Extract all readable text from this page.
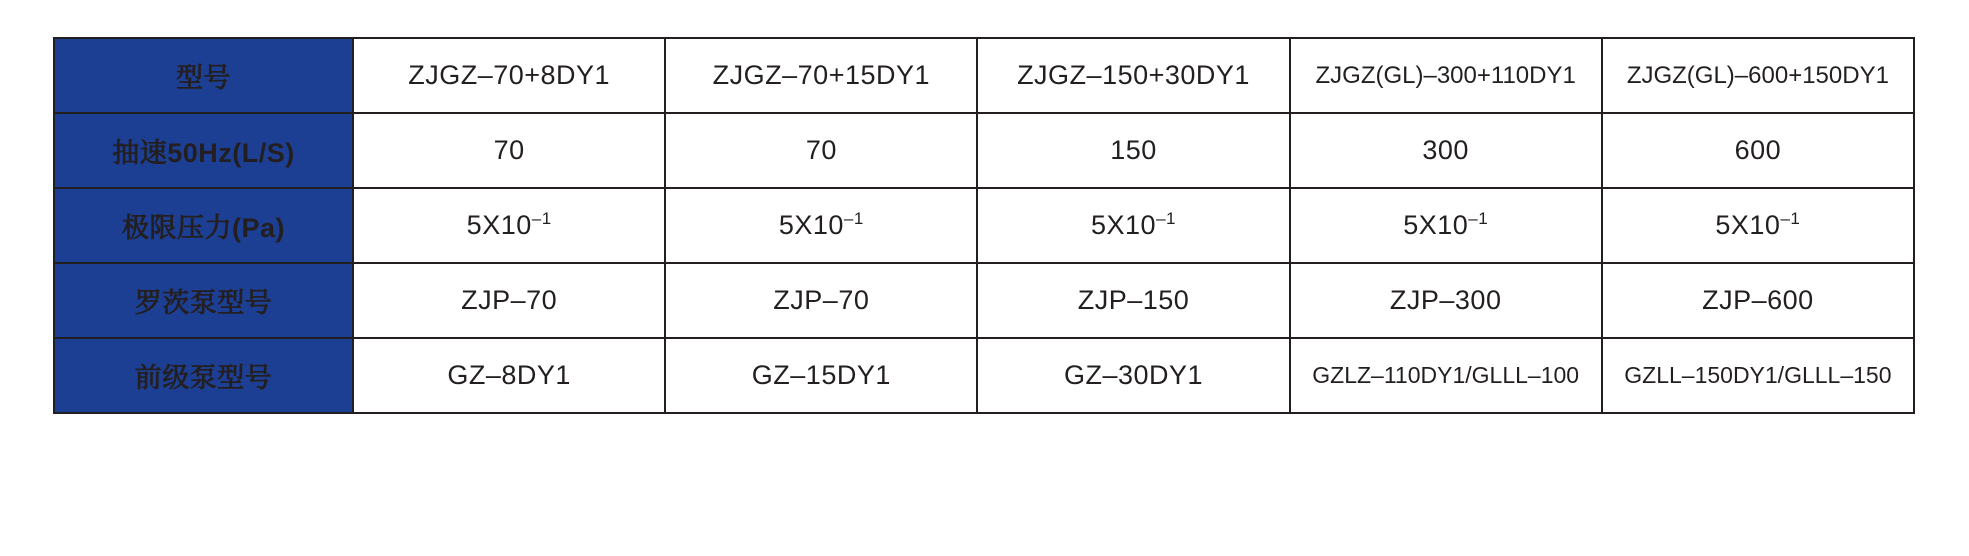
型号	ZJGZ–70+8DY1	ZJGZ–70+15DY1	ZJGZ–150+30DY1	ZJGZ(GL)–300+110DY1	ZJGZ(GL)–600+150DY1
抽速50Hz(L/S)	70	70	150	300	600
极限压力(Pa)	$5X10^{-1}$	$5X10^{-1}$	$5X10^{-1}$	$5X10^{-1}$	$5X10^{-1}$
罗茨泵型号	ZJP–70	ZJP–70	ZJP–150	ZJP–300	ZJP–600
前级泵型号	GZ–8DY1	GZ–15DY1	GZ–30DY1	GZLZ–110DY1/GLLL–100	GZLL–150DY1/GLLL–150
